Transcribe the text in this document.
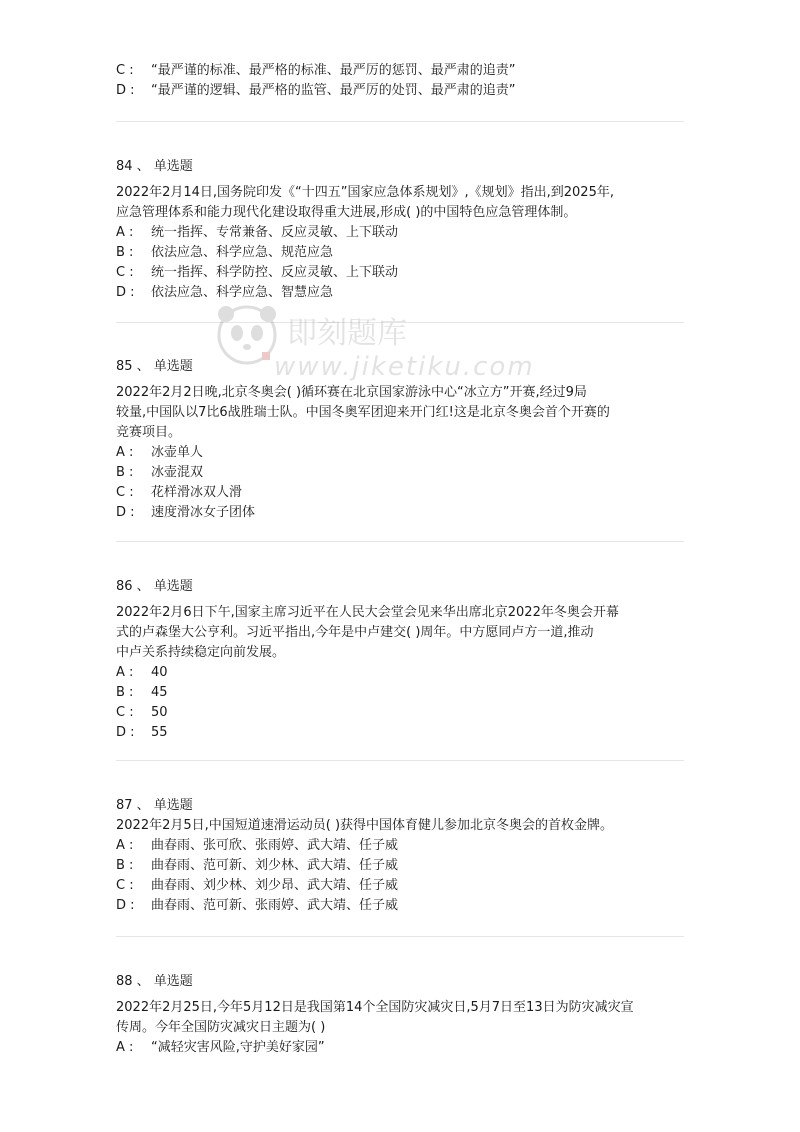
C : “最严谨的标准、最严格的标准、最严厉的惩罚、最严肃的追责”
D : “最严谨的逻辑、最严格的监管、最严厉的处罚、最严肃的追责”
84 、 单选题
2022年2月14日,国务院印发《“十四五”国家应急体系规划》,《规划》指出,到2025年,
应急管理体系和能力现代化建设取得重大进展,形成( )的中国特色应急管理体制。
A : 统一指挥、专常兼备、反应灵敏、上下联动
B : 依法应急、科学应急、规范应急
C : 统一指挥、科学防控、反应灵敏、上下联动
D : 依法应急、科学应急、智慧应急
85 、 单选题
2022年2月2日晚,北京冬奥会( )循环赛在北京国家游泳中心“冰立方”开赛,经过9局
较量,中国队以7比6战胜瑞士队。中国冬奥军团迎来开门红!这是北京冬奥会首个开赛的
竞赛项目。
A : 冰壶单人
B : 冰壶混双
C : 花样滑冰双人滑
D : 速度滑冰女子团体
86 、 单选题
2022年2月6日下午,国家主席习近平在人民大会堂会见来华出席北京2022年冬奥会开幕
式的卢森堡大公亨利。习近平指出,今年是中卢建交( )周年。中方愿同卢方一道,推动
中卢关系持续稳定向前发展。
A : 40
B : 45
C : 50
D : 55
87 、 单选题
2022年2月5日,中国短道速滑运动员( )获得中国体育健儿参加北京冬奥会的首枚金牌。
A : 曲春雨、张可欣、张雨婷、武大靖、任子威
B : 曲春雨、范可新、刘少林、武大靖、任子威
C : 曲春雨、刘少林、刘少昂、武大靖、任子威
D : 曲春雨、范可新、张雨婷、武大靖、任子威
88 、 单选题
2022年2月25日,今年5月12日是我国第14个全国防灾减灾日,5月7日至13日为防灾减灾宣
传周。今年全国防灾减灾日主题为( )
A : “减轻灾害风险,守护美好家园”
即刻题库
www.jiketiku.com
